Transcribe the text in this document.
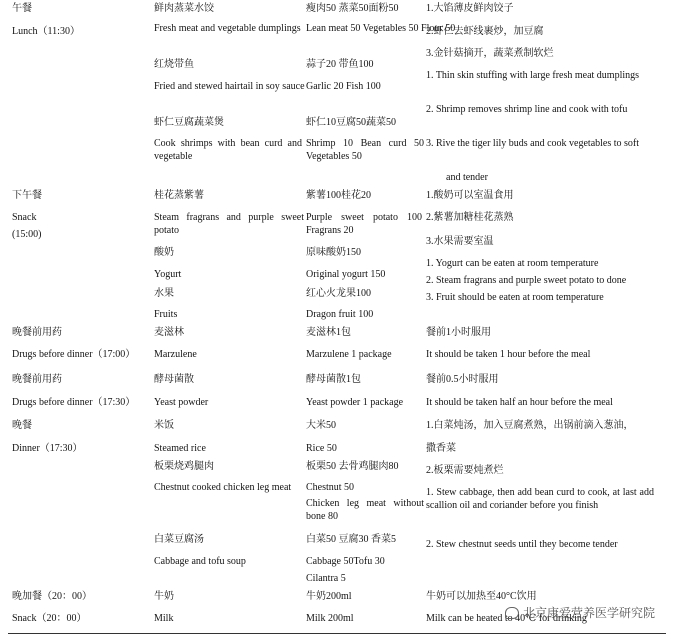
午餐
Lunch（11:30）
鲜肉蒸菜水饺
Fresh meat and vegetable dumplings
红烧带鱼
Fried and stewed hairtail in soy sauce
虾仁豆腐蔬菜煲
Cook shrimps with bean curd and vegetable
瘦肉50 蒸菜50面粉50
Lean meat 50 Vegetables 50 Flour 50
蒜子20 带鱼100
Garlic 20 Fish 100
虾仁10豆腐50蔬菜50
Shrimp 10 Bean curd 50 Vegetables 50
1.大馅薄皮鲜肉饺子
2.虾仁去虾线裹炒，加豆腐
3.金针菇摘开，蔬菜煮制软烂
1. Thin skin stuffing with large fresh meat dumplings
2. Shrimp removes shrimp line and cook with tofu
3. Rive the tiger lily buds and cook vegetables to soft
and tender
下午餐
Snack
(15:00)
桂花蒸紫薯
Steam fragrans and purple sweet potato
酸奶
Yogurt
水果
Fruits
紫薯100桂花20
Purple sweet potato 100 Fragrans 20
原味酸奶150
Original yogurt 150
红心火龙果100
Dragon fruit 100
1.酸奶可以室温食用
2.紫薯加糖桂花蒸熟
3.水果需要室温
1. Yogurt can be eaten at room temperature
2. Steam fragrans and purple sweet potato to done
3. Fruit should be eaten at room temperature
晚餐前用药
Drugs before dinner（17:00）
麦滋林
Marzulene
麦滋林1包
Marzulene 1 package
餐前1小时服用
It should be taken 1 hour before the meal
晚餐前用药
Drugs before dinner（17:30）
酵母菌散
Yeast powder
酵母菌散1包
Yeast powder 1 package
餐前0.5小时服用
It should be taken half an hour before the meal
晚餐
Dinner（17:30）
米饭
Steamed rice
板栗烧鸡腿肉
Chestnut cooked chicken leg meat
白菜豆腐汤
Cabbage and tofu soup
大米50
Rice 50
板栗50 去骨鸡腿肉80
Chestnut 50
Chicken leg meat without bone 80
白菜50 豆腐30 香菜5
Cabbage 50Tofu 30
Cilantra 5
1.白菜炖汤，加入豆腐煮熟，出锅前滴入葱油，
撒香菜
2.板栗需要炖煮烂
1. Stew cabbage, then add bean curd to cook, at last add scallion oil and coriander before you finish
2. Stew chestnut seeds until they become tender
晚加餐（20：00）
Snack（20：00）
牛奶
Milk
牛奶200ml
Milk 200ml
牛奶可以加热至40°C饮用
Milk can be heated to 40℃ for drinking
北京康爱营养医学研究院
